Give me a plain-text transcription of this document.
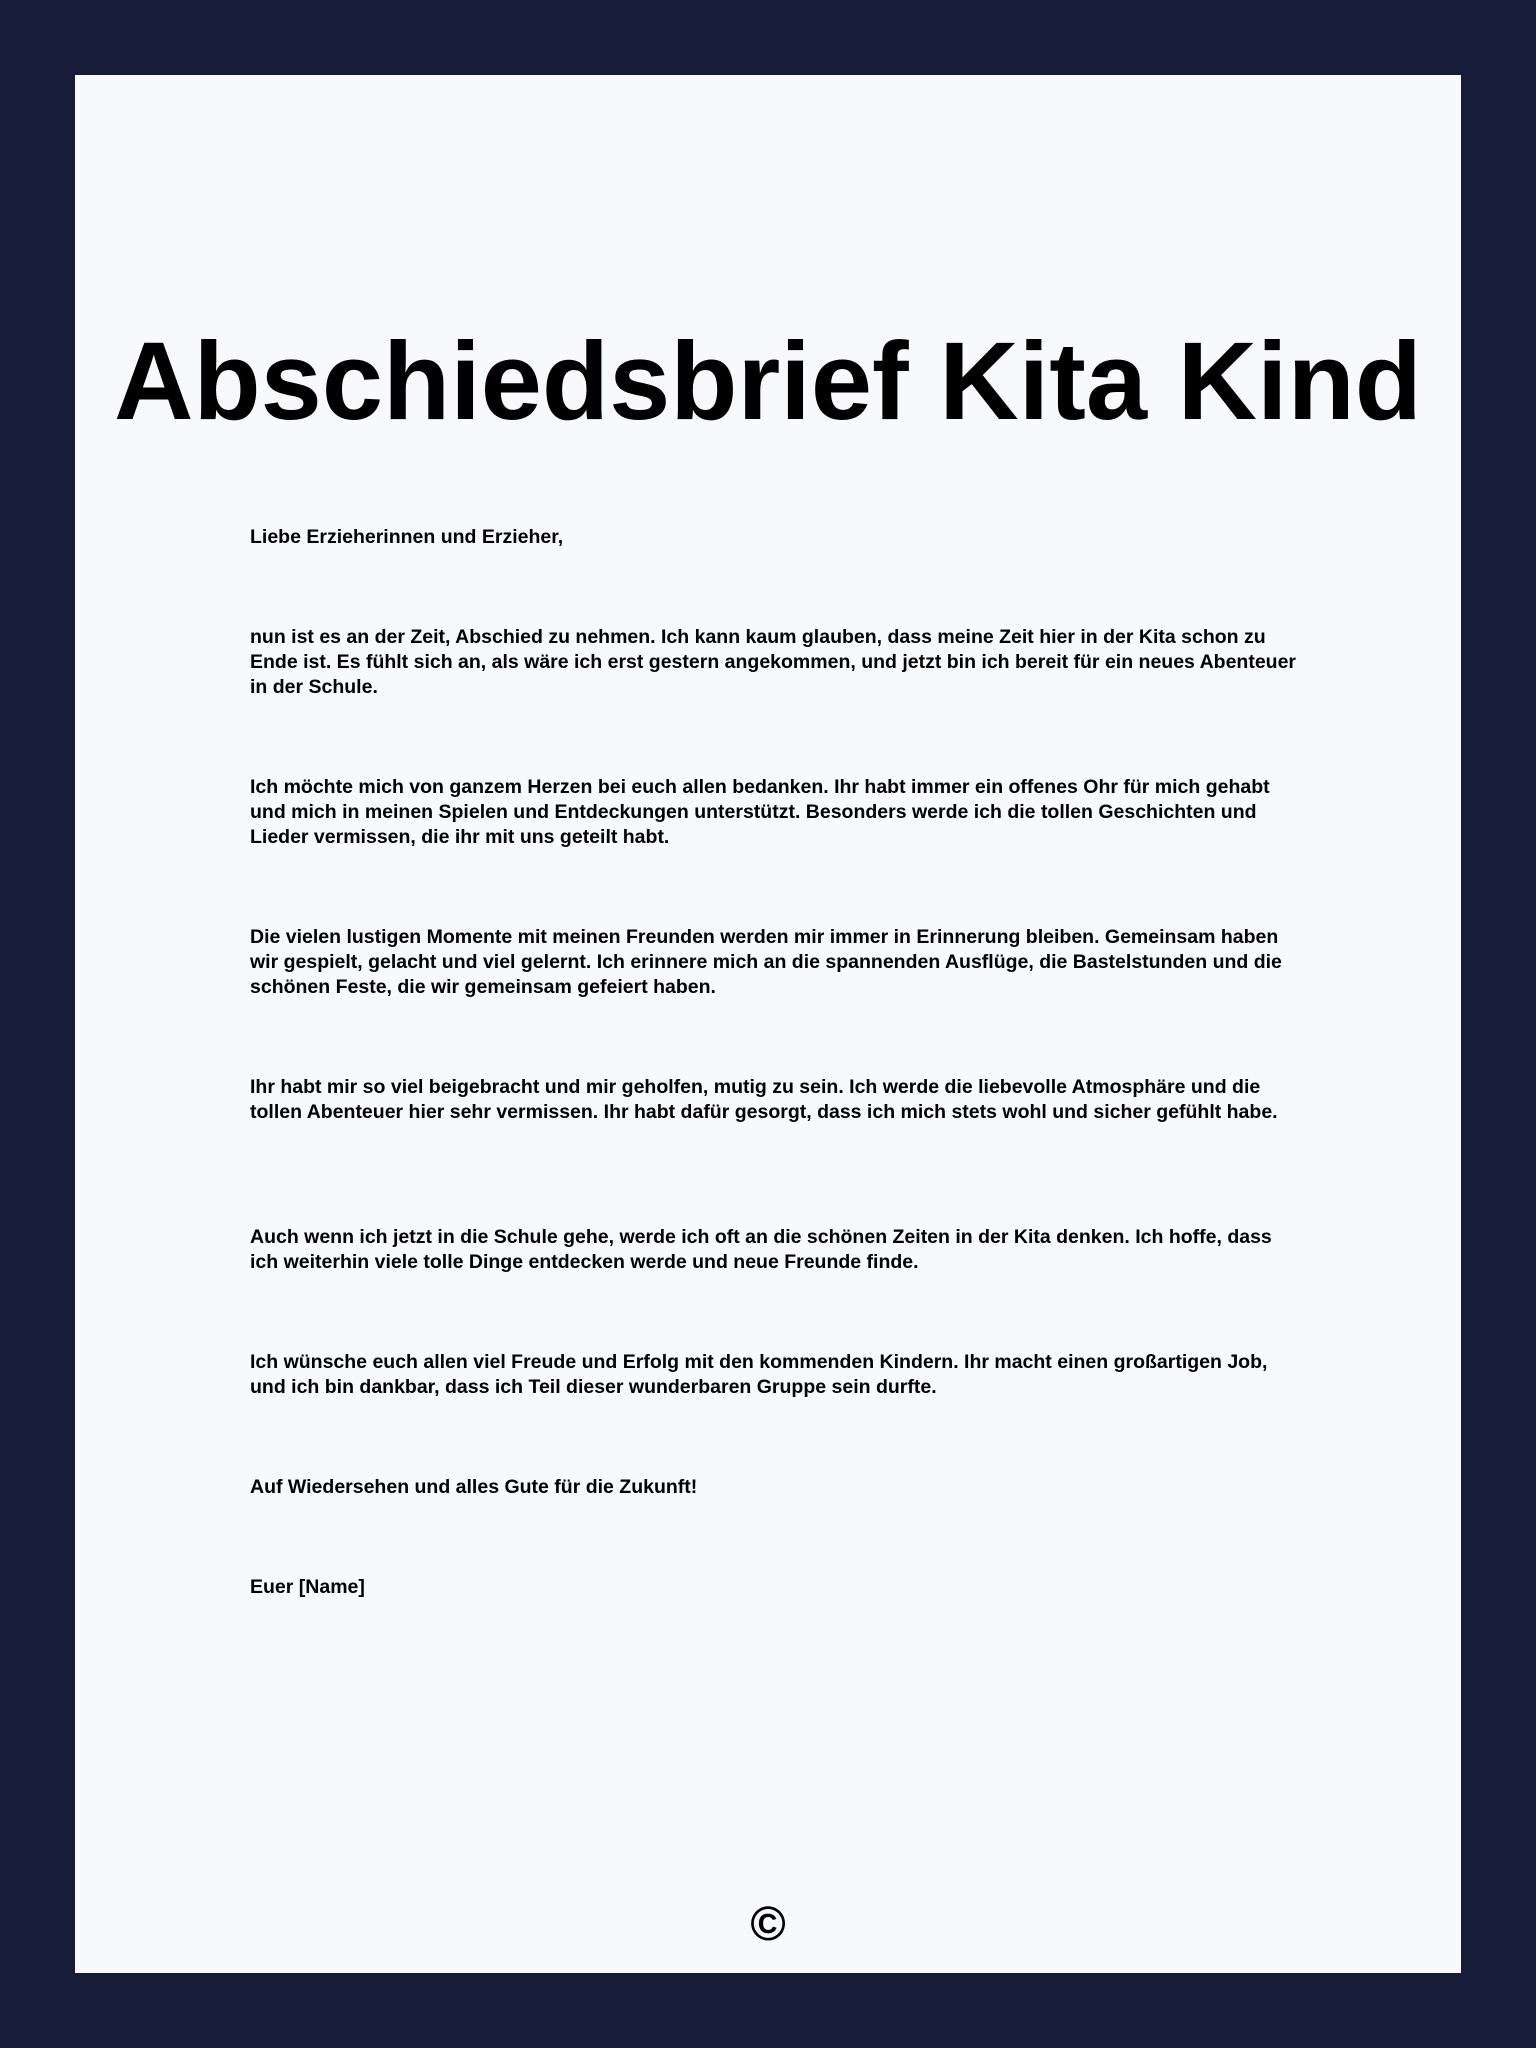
Abschiedsbrief Kita Kind

Liebe Erzieherinnen und Erzieher,

nun ist es an der Zeit, Abschied zu nehmen. Ich kann kaum glauben, dass meine Zeit hier in der Kita schon zu Ende ist. Es fühlt sich an, als wäre ich erst gestern angekommen, und jetzt bin ich bereit für ein neues Abenteuer in der Schule.

Ich möchte mich von ganzem Herzen bei euch allen bedanken. Ihr habt immer ein offenes Ohr für mich gehabt und mich in meinen Spielen und Entdeckungen unterstützt. Besonders werde ich die tollen Geschichten und Lieder vermissen, die ihr mit uns geteilt habt.

Die vielen lustigen Momente mit meinen Freunden werden mir immer in Erinnerung bleiben. Gemeinsam haben wir gespielt, gelacht und viel gelernt. Ich erinnere mich an die spannenden Ausflüge, die Bastelstunden und die schönen Feste, die wir gemeinsam gefeiert haben.

Ihr habt mir so viel beigebracht und mir geholfen, mutig zu sein. Ich werde die liebevolle Atmosphäre und die tollen Abenteuer hier sehr vermissen. Ihr habt dafür gesorgt, dass ich mich stets wohl und sicher gefühlt habe.

Auch wenn ich jetzt in die Schule gehe, werde ich oft an die schönen Zeiten in der Kita denken. Ich hoffe, dass ich weiterhin viele tolle Dinge entdecken werde und neue Freunde finde.

Ich wünsche euch allen viel Freude und Erfolg mit den kommenden Kindern. Ihr macht einen großartigen Job, und ich bin dankbar, dass ich Teil dieser wunderbaren Gruppe sein durfte.

Auf Wiedersehen und alles Gute für die Zukunft!

Euer [Name]

©
